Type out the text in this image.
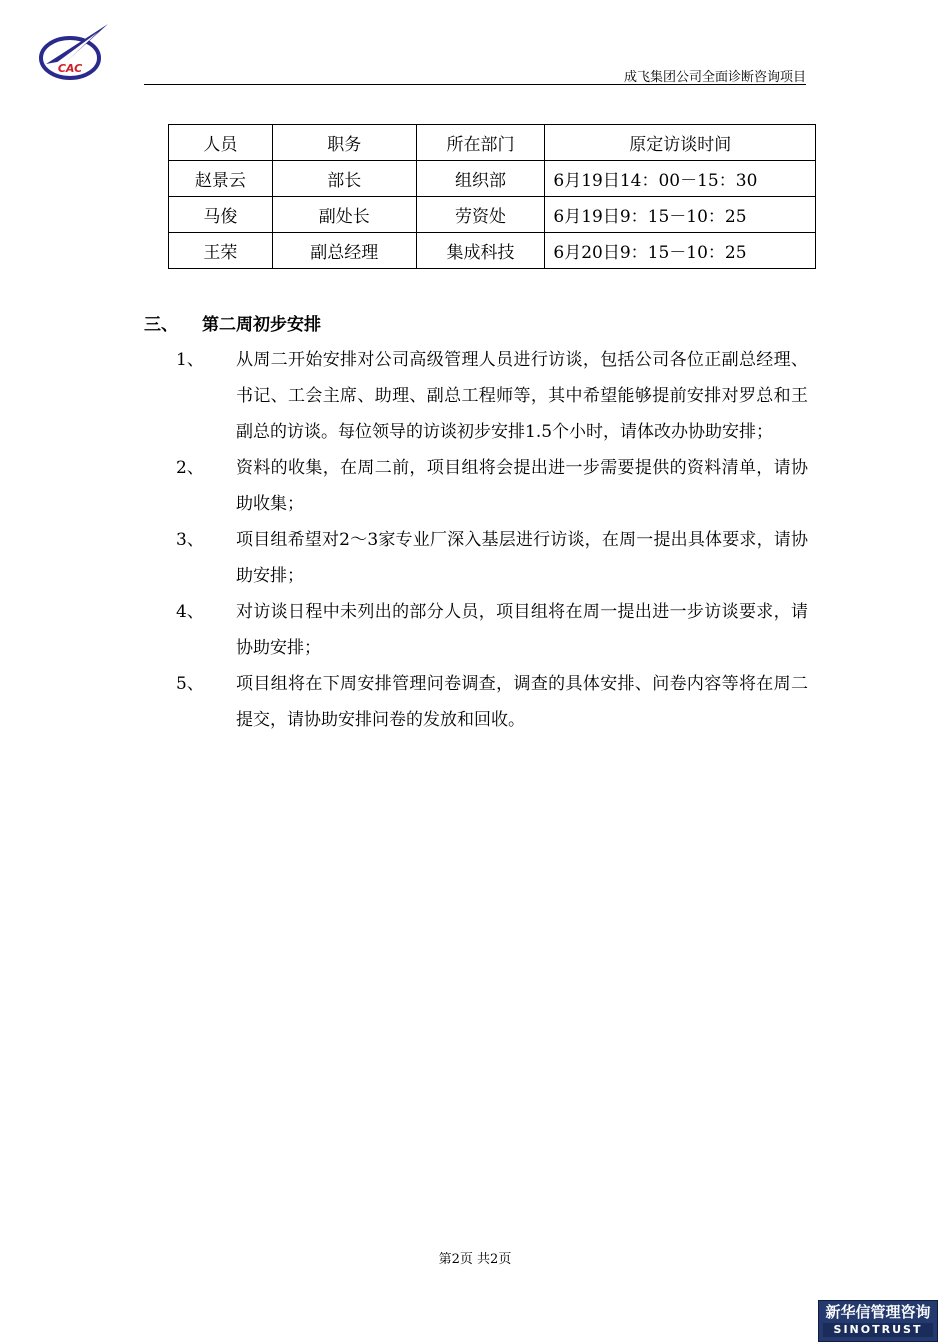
CAC
成飞集团公司全面诊断咨询项目
人员	职务	所在部门	原定访谈时间
赵景云	部长	组织部	6月19日14：00－15：30
马俊	副处长	劳资处	6月19日9：15－10：25
王荣	副总经理	集成科技	6月20日9：15－10：25
三、 第二周初步安排
1、	从周二开始安排对公司高级管理人员进行访谈，包括公司各位正副总经理、书记、工会主席、助理、副总工程师等，其中希望能够提前安排对罗总和王副总的访谈。每位领导的访谈初步安排1.5个小时，请体改办协助安排；
2、	资料的收集，在周二前，项目组将会提出进一步需要提供的资料清单，请协助收集；
3、	项目组希望对2～3家专业厂深入基层进行访谈，在周一提出具体要求，请协助安排；
4、	对访谈日程中未列出的部分人员，项目组将在周一提出进一步访谈要求，请协助安排；
5、	项目组将在下周安排管理问卷调查，调查的具体安排、问卷内容等将在周二提交，请协助安排问卷的发放和回收。
第2页 共2页
新华信管理咨询
SINOTRUST
